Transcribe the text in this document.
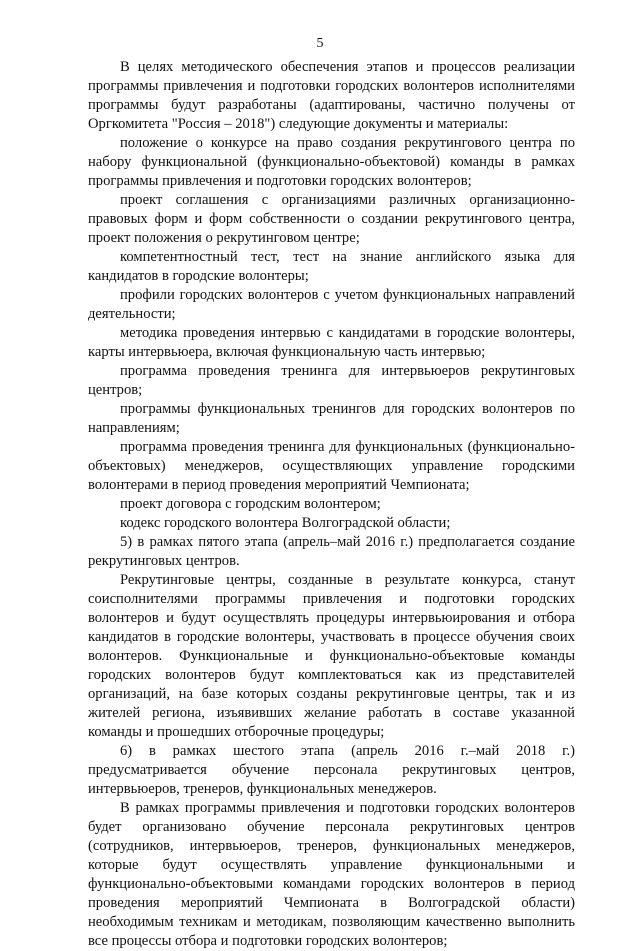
5

В целях методического обеспечения этапов и процессов реализации программы привлечения и подготовки городских волонтеров исполнителями программы будут разработаны (адаптированы, частично получены от Оргкомитета "Россия – 2018") следующие документы и материалы:

положение о конкурсе на право создания рекрутингового центра по набору функциональной (функционально-объектовой) команды в рамках программы привлечения и подготовки городских волонтеров;

проект соглашения с организациями различных организационно-правовых форм и форм собственности о создании рекрутингового центра, проект положения о рекрутинговом центре;

компетентностный тест, тест на знание английского языка для кандидатов в городские волонтеры;

профили городских волонтеров с учетом функциональных направлений деятельности;

методика проведения интервью с кандидатами в городские волонтеры, карты интервьюера, включая функциональную часть интервью;

программа проведения тренинга для интервьюеров рекрутинговых центров;

программы функциональных тренингов для городских волонтеров по направлениям;

программа проведения тренинга для функциональных (функционально-объектовых) менеджеров, осуществляющих управление городскими волонтерами в период проведения мероприятий Чемпионата;

проект договора с городским волонтером;

кодекс городского волонтера Волгоградской области;

5) в рамках пятого этапа (апрель–май 2016 г.) предполагается создание рекрутинговых центров.

Рекрутинговые центры, созданные в результате конкурса, станут соисполнителями программы привлечения и подготовки городских волонтеров и будут осуществлять процедуры интервьюирования и отбора кандидатов в городские волонтеры, участвовать в процессе обучения своих волонтеров. Функциональные и функционально-объектовые команды городских волонтеров будут комплектоваться как из представителей организаций, на базе которых созданы рекрутинговые центры, так и из жителей региона, изъявивших желание работать в составе указанной команды и прошедших отборочные процедуры;

6) в рамках шестого этапа (апрель 2016 г.–май 2018 г.) предусматривается обучение персонала рекрутинговых центров, интервьюеров, тренеров, функциональных менеджеров.

В рамках программы привлечения и подготовки городских волонтеров будет организовано обучение персонала рекрутинговых центров (сотрудников, интервьюеров, тренеров, функциональных менеджеров, которые будут осуществлять управление функциональными и функционально-объектовыми командами городских волонтеров в период проведения мероприятий Чемпионата в Волгоградской области) необходимым техникам и методикам, позволяющим качественно выполнить все процессы отбора и подготовки городских волонтеров;
